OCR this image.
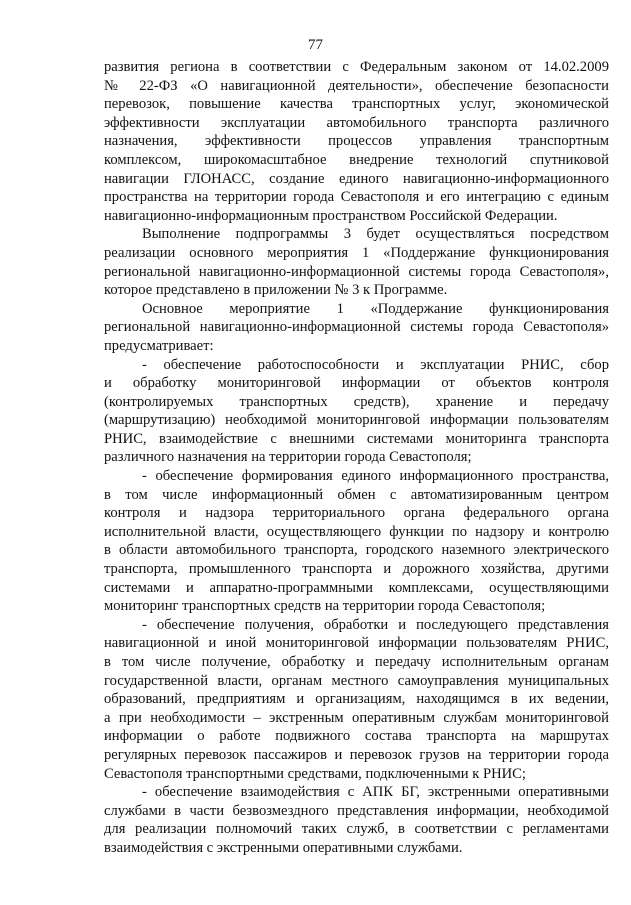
77
развития региона в соответствии с Федеральным законом от 14.02.2009
№ 22-ФЗ «О навигационной деятельности», обеспечение безопасности
перевозок, повышение качества транспортных услуг, экономической
эффективности эксплуатации автомобильного транспорта различного
назначения, эффективности процессов управления транспортным
комплексом, широкомасштабное внедрение технологий спутниковой
навигации ГЛОНАСС, создание единого навигационно-информационного
пространства на территории города Севастополя и его интеграцию с единым
навигационно-информационным пространством Российской Федерации.
Выполнение подпрограммы 3 будет осуществляться посредством
реализации основного мероприятия 1 «Поддержание функционирования
региональной навигационно-информационной системы города Севастополя»,
которое представлено в приложении № 3 к Программе.
Основное мероприятие 1 «Поддержание функционирования
региональной навигационно-информационной системы города Севастополя»
предусматривает:
- обеспечение работоспособности и эксплуатации РНИС, сбор
и обработку мониторинговой информации от объектов контроля
(контролируемых транспортных средств), хранение и передачу
(маршрутизацию) необходимой мониторинговой информации пользователям
РНИС, взаимодействие с внешними системами мониторинга транспорта
различного назначения на территории города Севастополя;
- обеспечение формирования единого информационного пространства,
в том числе информационный обмен с автоматизированным центром
контроля и надзора территориального органа федерального органа
исполнительной власти, осуществляющего функции по надзору и контролю
в области автомобильного транспорта, городского наземного электрического
транспорта, промышленного транспорта и дорожного хозяйства, другими
системами и аппаратно-программными комплексами, осуществляющими
мониторинг транспортных средств на территории города Севастополя;
- обеспечение получения, обработки и последующего представления
навигационной и иной мониторинговой информации пользователям РНИС,
в том числе получение, обработку и передачу исполнительным органам
государственной власти, органам местного самоуправления муниципальных
образований, предприятиям и организациям, находящимся в их ведении,
а при необходимости – экстренным оперативным службам мониторинговой
информации о работе подвижного состава транспорта на маршрутах
регулярных перевозок пассажиров и перевозок грузов на территории города
Севастополя транспортными средствами, подключенными к РНИС;
- обеспечение взаимодействия с АПК БГ, экстренными оперативными
службами в части безвозмездного представления информации, необходимой
для реализации полномочий таких служб, в соответствии с регламентами
взаимодействия с экстренными оперативными службами.
